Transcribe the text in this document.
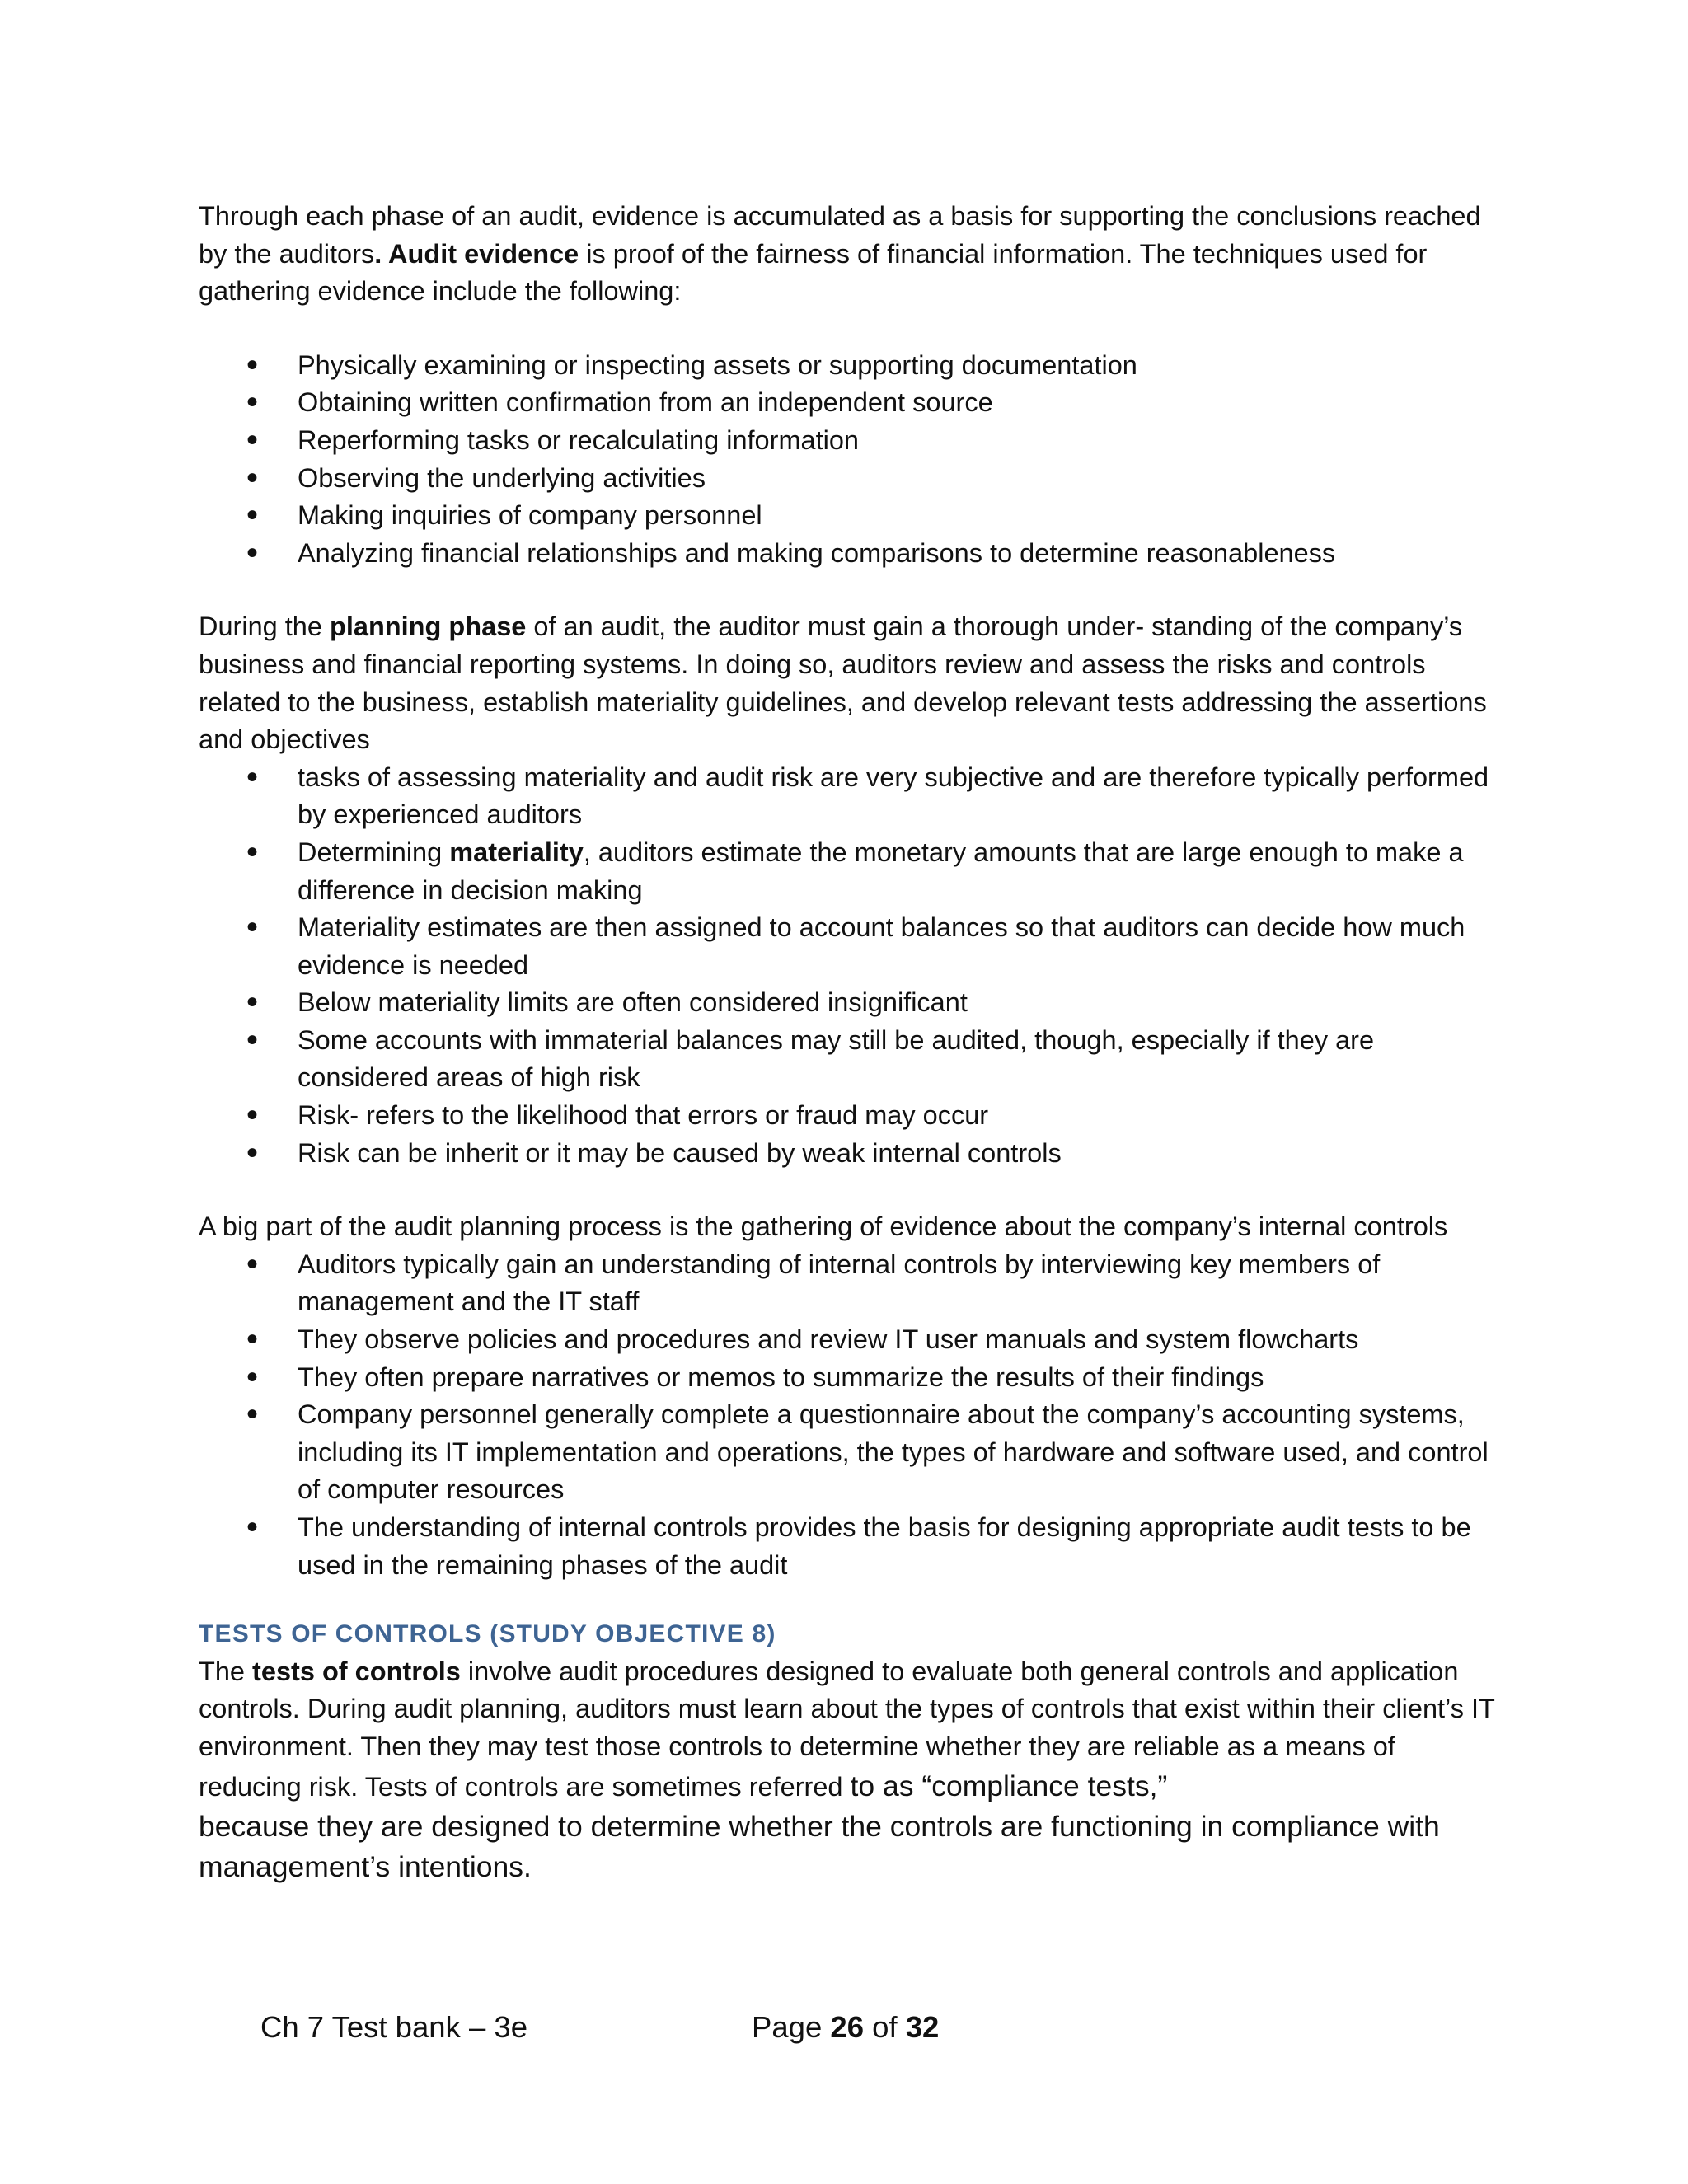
Through each phase of an audit, evidence is accumulated as a basis for supporting the conclusions reached by the auditors. Audit evidence is proof of the fairness of financial information. The techniques used for gathering evidence include the following:

• Physically examining or inspecting assets or supporting documentation
• Obtaining written confirmation from an independent source
• Reperforming tasks or recalculating information
• Observing the underlying activities
• Making inquiries of company personnel
• Analyzing financial relationships and making comparisons to determine reasonableness

During the planning phase of an audit, the auditor must gain a thorough under- standing of the company’s business and financial reporting systems. In doing so, auditors review and assess the risks and controls related to the business, establish materiality guidelines, and develop relevant tests addressing the assertions and objectives

• tasks of assessing materiality and audit risk are very subjective and are therefore typically performed by experienced auditors
• Determining materiality, auditors estimate the monetary amounts that are large enough to make a difference in decision making
• Materiality estimates are then assigned to account balances so that auditors can decide how much evidence is needed
• Below materiality limits are often considered insignificant
• Some accounts with immaterial balances may still be audited, though, especially if they are considered areas of high risk
• Risk- refers to the likelihood that errors or fraud may occur
• Risk can be inherit or it may be caused by weak internal controls

A big part of the audit planning process is the gathering of evidence about the company’s internal controls

• Auditors typically gain an understanding of internal controls by interviewing key members of management and the IT staff
• They observe policies and procedures and review IT user manuals and system flowcharts
• They often prepare narratives or memos to summarize the results of their findings
• Company personnel generally complete a questionnaire about the company’s accounting systems, including its IT implementation and operations, the types of hardware and software used, and control of computer resources
• The understanding of internal controls provides the basis for designing appropriate audit tests to be used in the remaining phases of the audit

TESTS OF CONTROLS (STUDY OBJECTIVE 8)

The tests of controls involve audit procedures designed to evaluate both general controls and application controls. During audit planning, auditors must learn about the types of controls that exist within their client’s IT environment. Then they may test those controls to determine whether they are reliable as a means of reducing risk. Tests of controls are sometimes referred to as “compliance tests,”

because they are designed to determine whether the controls are functioning in compliance with management’s intentions.

Ch 7 Test bank – 3e	Page 26 of 32
